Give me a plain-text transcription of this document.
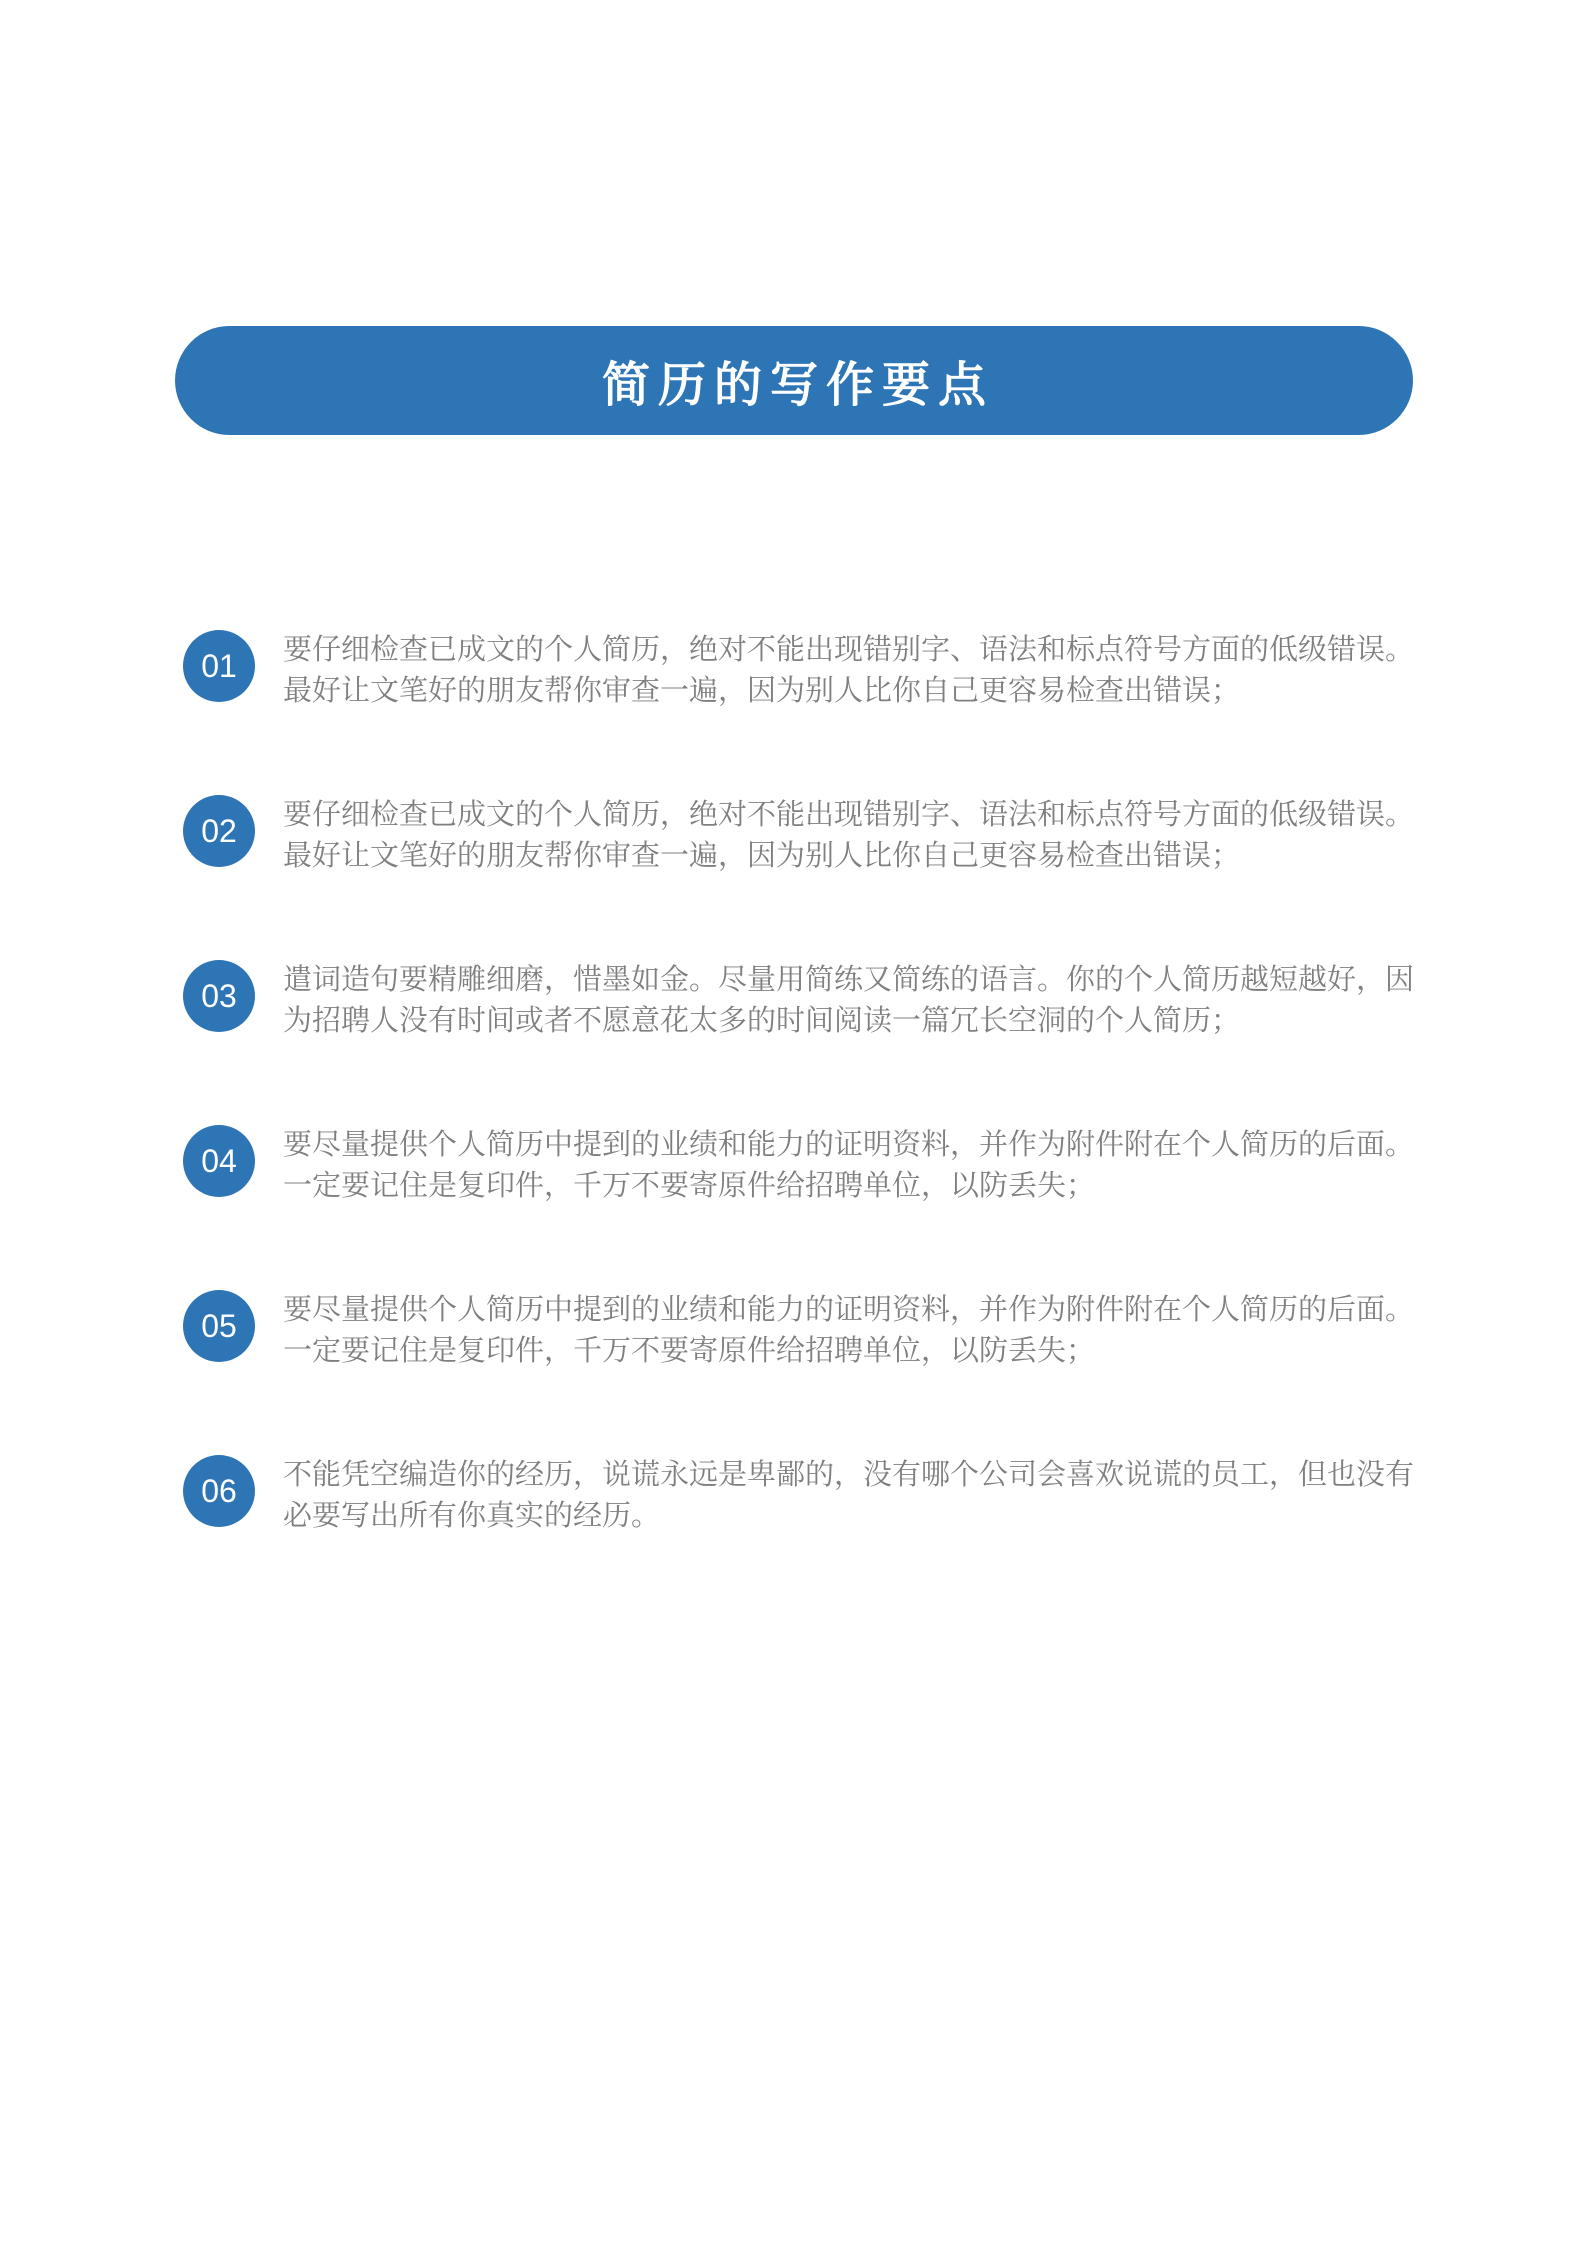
简历的写作要点
01 要仔细检查已成文的个人简历，绝对不能出现错别字、语法和标点符号方面的低级错误。最好让文笔好的朋友帮你审查一遍，因为别人比你自己更容易检查出错误；
02 要仔细检查已成文的个人简历，绝对不能出现错别字、语法和标点符号方面的低级错误。最好让文笔好的朋友帮你审查一遍，因为别人比你自己更容易检查出错误；
03 遣词造句要精雕细磨，惜墨如金。尽量用简练又简练的语言。你的个人简历越短越好，因为招聘人没有时间或者不愿意花太多的时间阅读一篇冗长空洞的个人简历；
04 要尽量提供个人简历中提到的业绩和能力的证明资料，并作为附件附在个人简历的后面。一定要记住是复印件，千万不要寄原件给招聘单位，以防丢失；
05 要尽量提供个人简历中提到的业绩和能力的证明资料，并作为附件附在个人简历的后面。一定要记住是复印件，千万不要寄原件给招聘单位，以防丢失；
06 不能凭空编造你的经历，说谎永远是卑鄙的，没有哪个公司会喜欢说谎的员工，但也没有必要写出所有你真实的经历。
